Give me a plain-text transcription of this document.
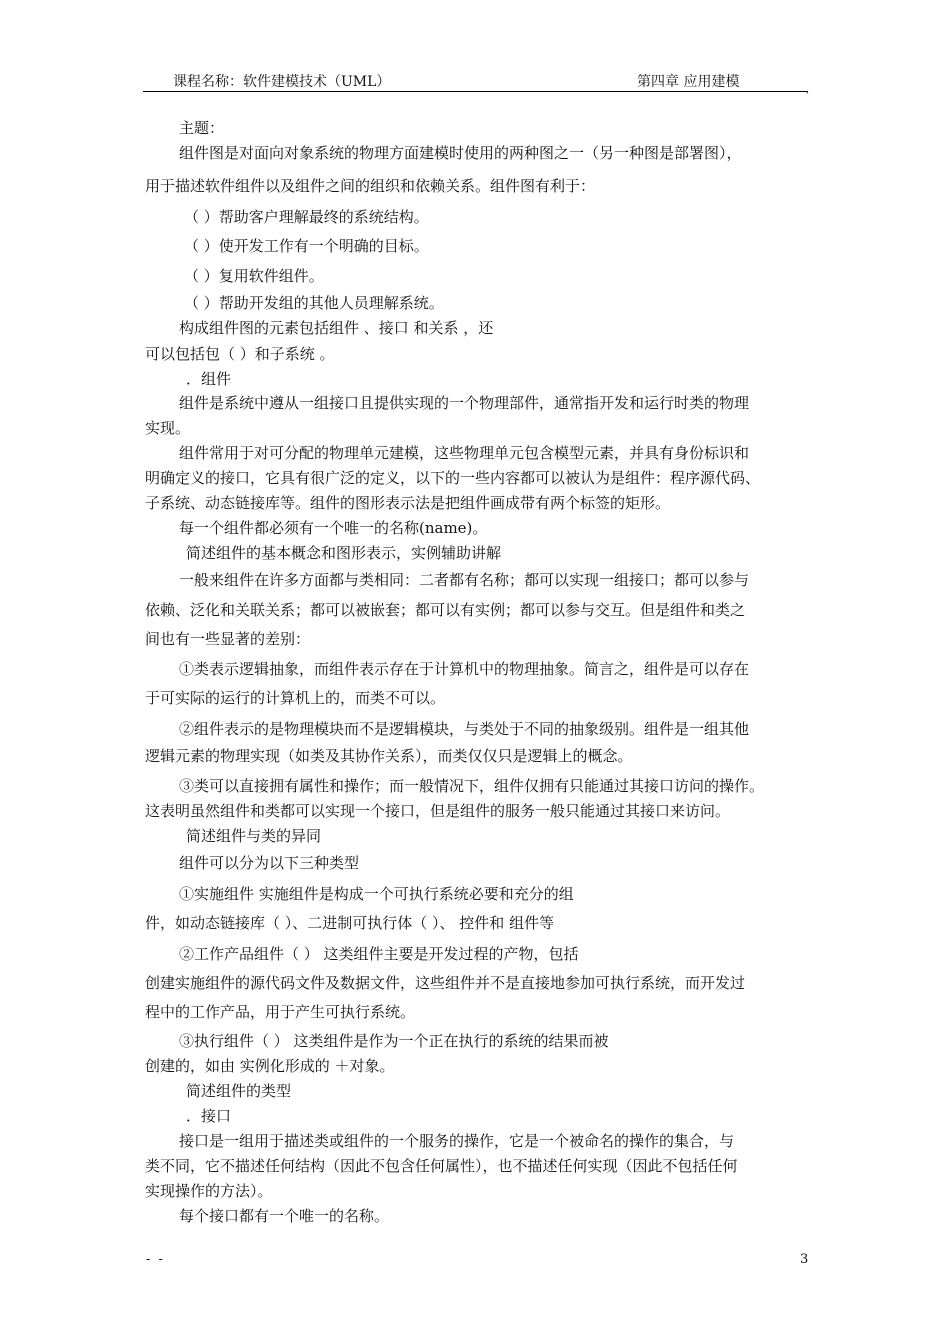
课程名称：软件建模技术（UML）	第四章 应用建模	,
主题：
组件图是对面向对象系统的物理方面建模时使用的两种图之一（另一种图是部署图），
用于描述软件组件以及组件之间的组织和依赖关系。组件图有利于：
（ ）帮助客户理解最终的系统结构。
（ ）使开发工作有一个明确的目标。
（ ）复用软件组件。
（ ）帮助开发组的其他人员理解系统。
构成组件图的元素包括组件 、接口 和关系 ，还
可以包括包（ ）和子系统 。
．组件
组件是系统中遵从一组接口且提供实现的一个物理部件，通常指开发和运行时类的物理
实现。
组件常用于对可分配的物理单元建模，这些物理单元包含模型元素，并具有身份标识和
明确定义的接口，它具有很广泛的定义，以下的一些内容都可以被认为是组件：程序源代码、
子系统、动态链接库等。组件的图形表示法是把组件画成带有两个标签的矩形。
每一个组件都必须有一个唯一的名称(name)。
简述组件的基本概念和图形表示，实例辅助讲解
一般来组件在许多方面都与类相同：二者都有名称；都可以实现一组接口；都可以参与
依赖、泛化和关联关系；都可以被嵌套；都可以有实例；都可以参与交互。但是组件和类之
间也有一些显著的差别：
①类表示逻辑抽象，而组件表示存在于计算机中的物理抽象。简言之，组件是可以存在
于可实际的运行的计算机上的，而类不可以。
②组件表示的是物理模块而不是逻辑模块，与类处于不同的抽象级别。组件是一组其他
逻辑元素的物理实现（如类及其协作关系），而类仅仅只是逻辑上的概念。
③类可以直接拥有属性和操作；而一般情况下，组件仅拥有只能通过其接口访问的操作。
这表明虽然组件和类都可以实现一个接口，但是组件的服务一般只能通过其接口来访问。
简述组件与类的异同
组件可以分为以下三种类型
①实施组件 实施组件是构成一个可执行系统必要和充分的组
件，如动态链接库（ ）、二进制可执行体（ ）、 控件和 组件等
②工作产品组件（ ） 这类组件主要是开发过程的产物，包括
创建实施组件的源代码文件及数据文件，这些组件并不是直接地参加可执行系统，而开发过
程中的工作产品，用于产生可执行系统。
③执行组件（ ） 这类组件是作为一个正在执行的系统的结果而被
创建的，如由 实例化形成的 ＋对象。
简述组件的类型
．接口
接口是一组用于描述类或组件的一个服务的操作，它是一个被命名的操作的集合，与
类不同，它不描述任何结构（因此不包含任何属性），也不描述任何实现（因此不包括任何
实现操作的方法）。
每个接口都有一个唯一的名称。
- -	3
